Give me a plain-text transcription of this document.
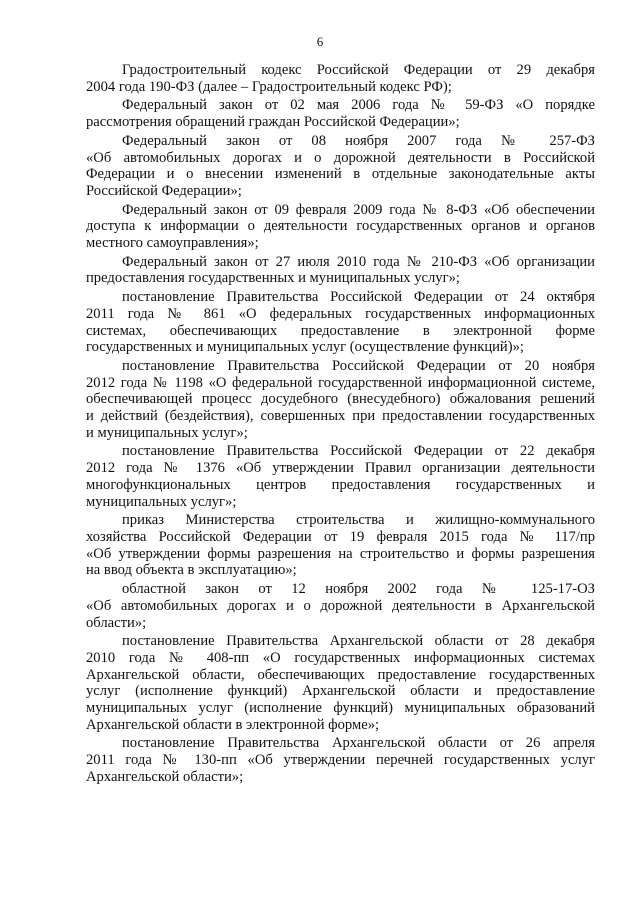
6
Градостроительный кодекс Российской Федерации от 29 декабря
2004 года 190-ФЗ (далее – Градостроительный кодекс РФ);
Федеральный закон от 02 мая 2006 года № 59-ФЗ «О порядке
рассмотрения обращений граждан Российской Федерации»;
Федеральный закон от 08 ноября 2007 года № 257-ФЗ
«Об автомобильных дорогах и о дорожной деятельности в Российской
Федерации и о внесении изменений в отдельные законодательные акты
Российской Федерации»;
Федеральный закон от 09 февраля 2009 года № 8-ФЗ «Об обеспечении
доступа к информации о деятельности государственных органов и органов
местного самоуправления»;
Федеральный закон от 27 июля 2010 года № 210-ФЗ «Об организации
предоставления государственных и муниципальных услуг»;
постановление Правительства Российской Федерации от 24 октября
2011 года № 861 «О федеральных государственных информационных
системах, обеспечивающих предоставление в электронной форме
государственных и муниципальных услуг (осуществление функций)»;
постановление Правительства Российской Федерации от 20 ноября
2012 года № 1198 «О федеральной государственной информационной системе,
обеспечивающей процесс досудебного (внесудебного) обжалования решений
и действий (бездействия), совершенных при предоставлении государственных
и муниципальных услуг»;
постановление Правительства Российской Федерации от 22 декабря
2012 года № 1376 «Об утверждении Правил организации деятельности
многофункциональных центров предоставления государственных и
муниципальных услуг»;
приказ Министерства строительства и жилищно-коммунального
хозяйства Российской Федерации от 19 февраля 2015 года № 117/пр
«Об утверждении формы разрешения на строительство и формы разрешения
на ввод объекта в эксплуатацию»;
областной закон от 12 ноября 2002 года № 125-17-ОЗ
«Об автомобильных дорогах и о дорожной деятельности в Архангельской
области»;
постановление Правительства Архангельской области от 28 декабря
2010 года № 408-пп «О государственных информационных системах
Архангельской области, обеспечивающих предоставление государственных
услуг (исполнение функций) Архангельской области и предоставление
муниципальных услуг (исполнение функций) муниципальных образований
Архангельской области в электронной форме»;
постановление Правительства Архангельской области от 26 апреля
2011 года № 130-пп «Об утверждении перечней государственных услуг
Архангельской области»;
